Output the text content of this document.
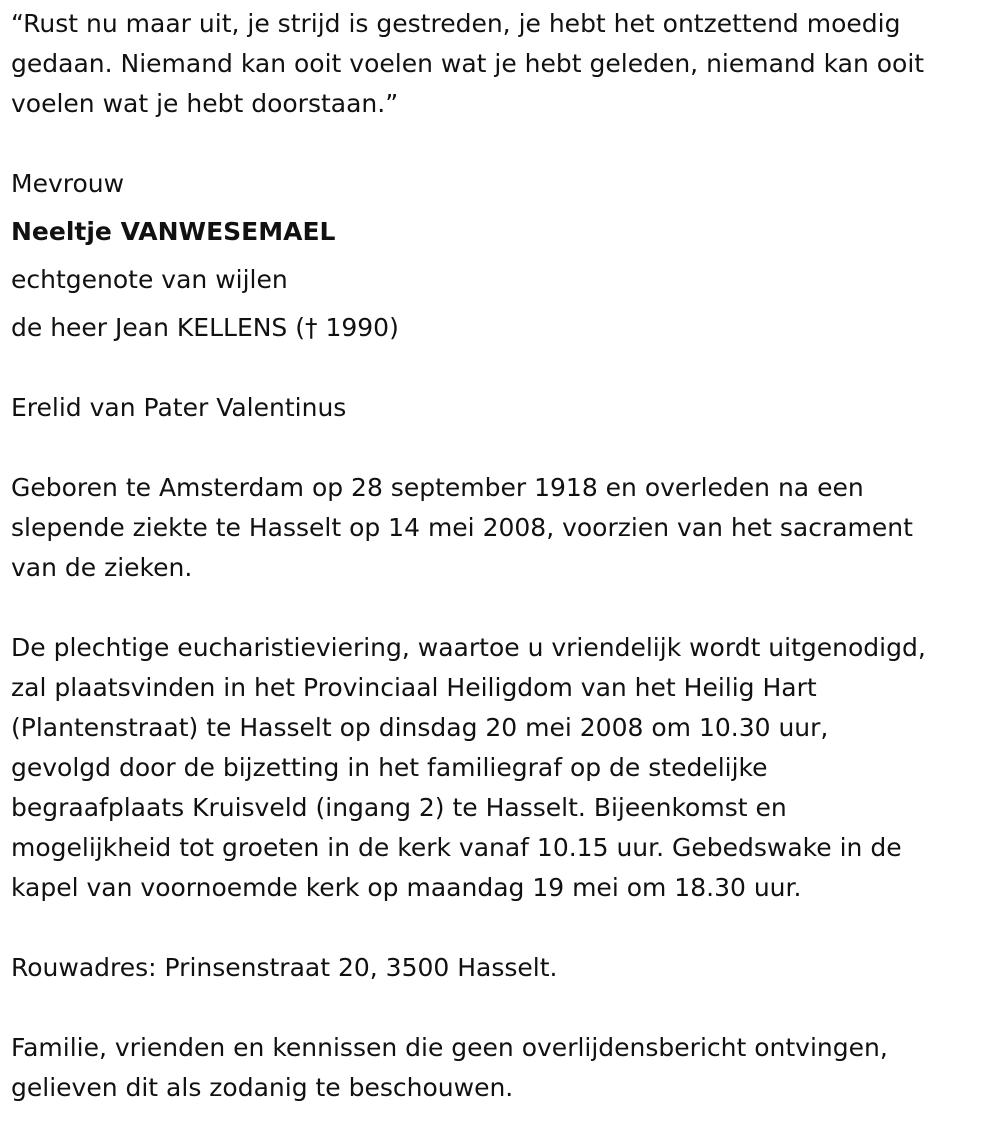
“Rust nu maar uit, je strijd is gestreden, je hebt het ontzettend moedig
gedaan. Niemand kan ooit voelen wat je hebt geleden, niemand kan ooit
voelen wat je hebt doorstaan.”
Mevrouw
Neeltje VANWESEMAEL
echtgenote van wijlen
de heer Jean KELLENS († 1990)
Erelid van Pater Valentinus
Geboren te Amsterdam op 28 september 1918 en overleden na een
slepende ziekte te Hasselt op 14 mei 2008, voorzien van het sacrament
van de zieken.
De plechtige eucharistieviering, waartoe u vriendelijk wordt uitgenodigd,
zal plaatsvinden in het Provinciaal Heiligdom van het Heilig Hart
(Plantenstraat) te Hasselt op dinsdag 20 mei 2008 om 10.30 uur,
gevolgd door de bijzetting in het familiegraf op de stedelijke
begraafplaats Kruisveld (ingang 2) te Hasselt. Bijeenkomst en
mogelijkheid tot groeten in de kerk vanaf 10.15 uur. Gebedswake in de
kapel van voornoemde kerk op maandag 19 mei om 18.30 uur.
Rouwadres: Prinsenstraat 20, 3500 Hasselt.
Familie, vrienden en kennissen die geen overlijdensbericht ontvingen,
gelieven dit als zodanig te beschouwen.
